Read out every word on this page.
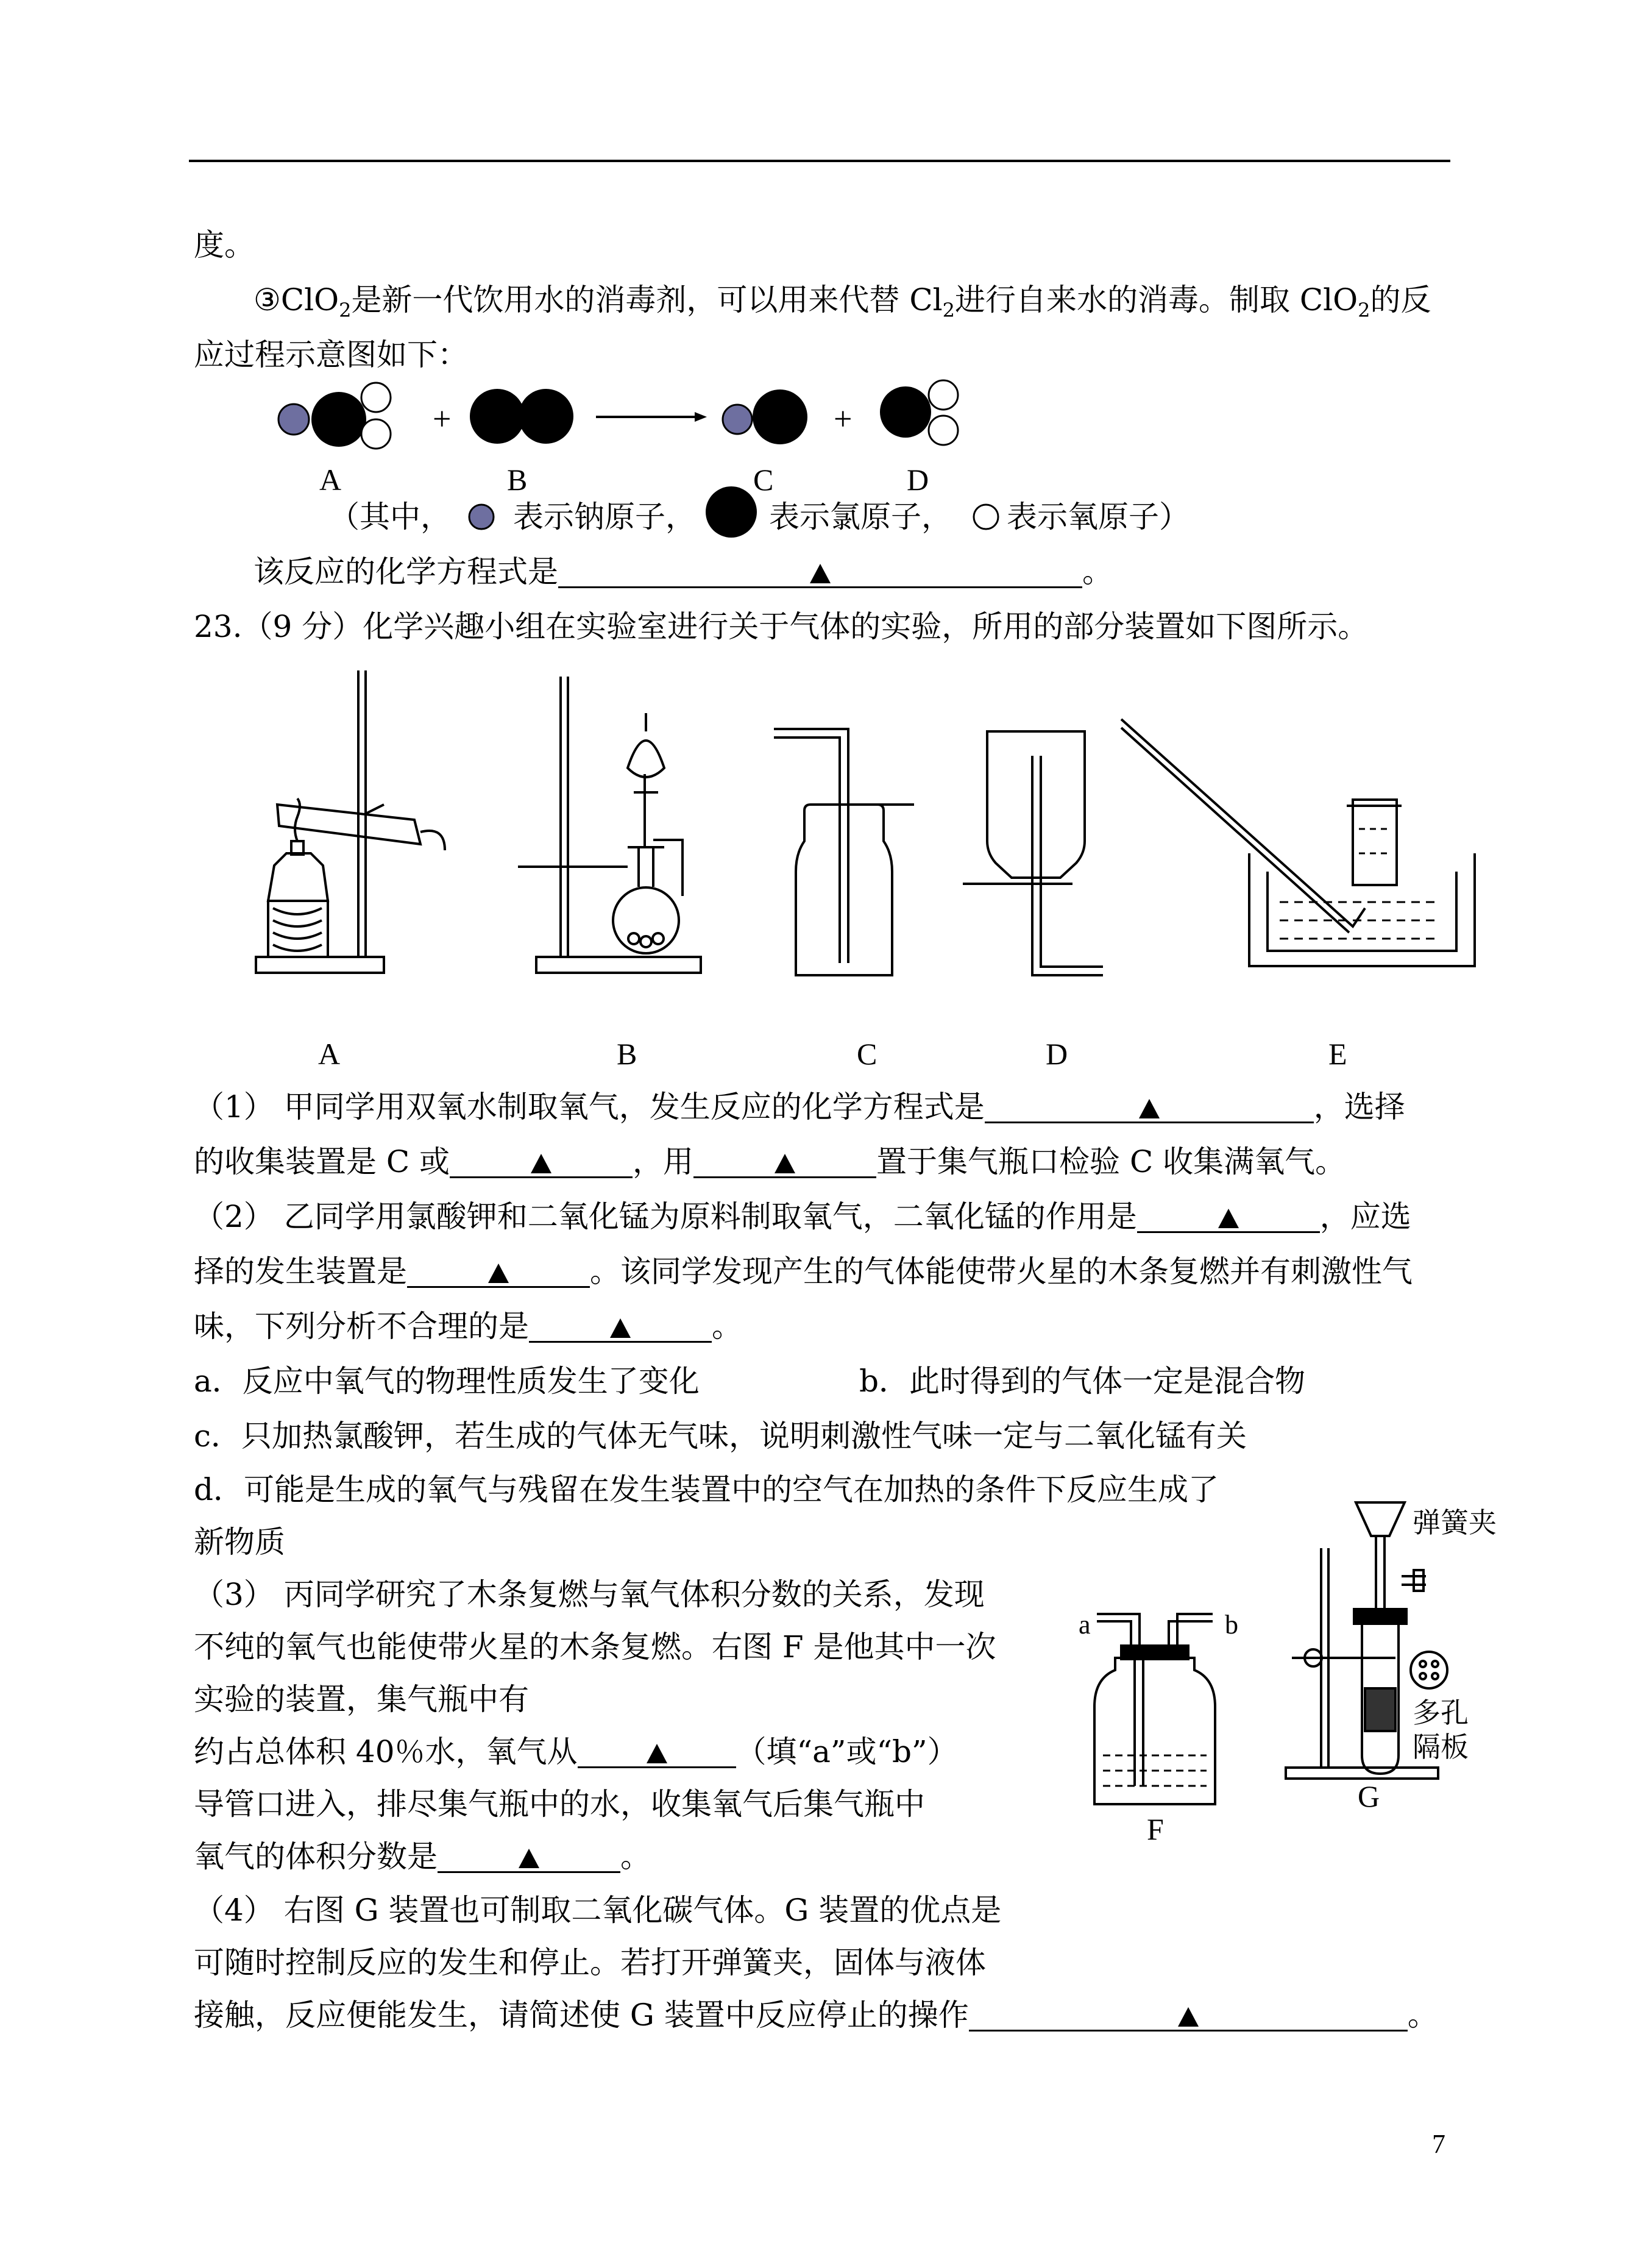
度。
③ClO$_2$是新一代饮用水的消毒剂，可以用来代替 $Cl_2$进行自来水的消毒。制取 ClO$_2$的反
应过程示意图如下：
+	+
A	B	C	D
（其中， 表示钠原子， 表示氯原子， 表示氧原子）
该反应的化学方程式是	。
23.（9 分）化学兴趣小组在实验室进行关于气体的实验，所用的部分装置如下图所示。
A	B	C	D	E
（1） 甲同学用双氧水制取氧气，发生反应的化学方程式是	，选择
的收集装置是 C 或	，用	置于集气瓶口检验 C 收集满氧气。
（2） 乙同学用氯酸钾和二氧化锰为原料制取氧气，二氧化锰的作用是	，应选
择的发生装置是	。该同学发现产生的气体能使带火星的木条复燃并有刺激性气
味，下列分析不合理的是	。
a．反应中氧气的物理性质发生了变化	b．此时得到的气体一定是混合物
c．只加热氯酸钾，若生成的气体无气味，说明刺激性气味一定与二氧化锰有关
d．可能是生成的氧气与残留在发生装置中的空气在加热的条件下反应生成了
新物质
（3） 丙同学研究了木条复燃与氧气体积分数的关系，发现
不纯的氧气也能使带火星的木条复燃。右图 F 是他其中一次
实验的装置，集气瓶中有
约占总体积 40％水，氧气从	（填“a”或“b”）
导管口进入，排尽集气瓶中的水，收集氧气后集气瓶中
氧气的体积分数是	。
（4） 右图 G 装置也可制取二氧化碳气体。G 装置的优点是
可随时控制反应的发生和停止。若打开弹簧夹，固体与液体
接触，反应便能发生，请简述使 G 装置中反应停止的操作	。
a	b
F
G
弹簧夹
多孔
隔板
7
